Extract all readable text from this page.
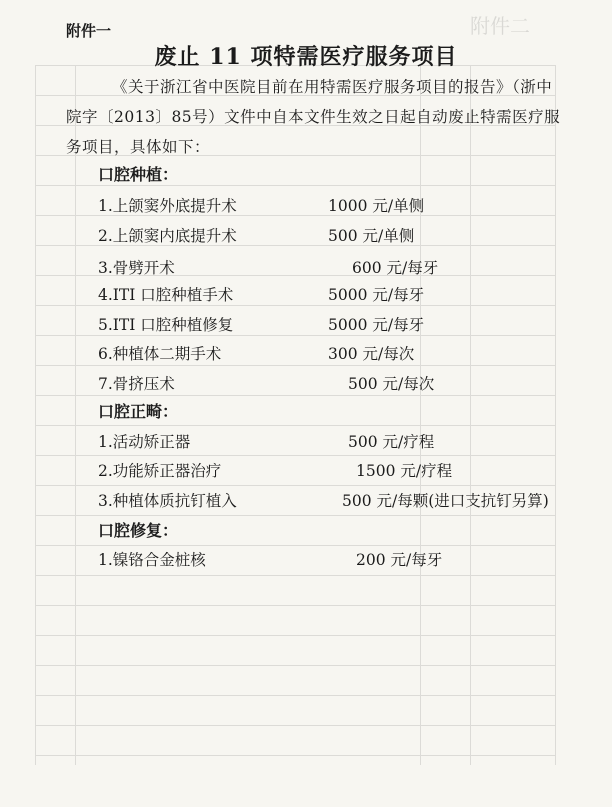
附件二
附件一
废止 11 项特需医疗服务项目
《关于浙江省中医院目前在用特需医疗服务项目的报告》（浙中院字〔2013〕85号）文件中自本文件生效之日起自动废止特需医疗服务项目，具体如下：
口腔种植：
1.上颌窦外底提升术	1000 元/单侧
2.上颌窦内底提升术	500 元/单侧
3.骨劈开术	600 元/每牙
4.ITI 口腔种植手术	5000 元/每牙
5.ITI 口腔种植修复	5000 元/每牙
6.种植体二期手术	300 元/每次
7.骨挤压术	500 元/每次
口腔正畸：
1.活动矫正器	500 元/疗程
2.功能矫正器治疗	1500 元/疗程
3.种植体质抗钉植入	500 元/每颗(进口支抗钉另算)
口腔修复：
1.镍铬合金桩核	200 元/每牙
